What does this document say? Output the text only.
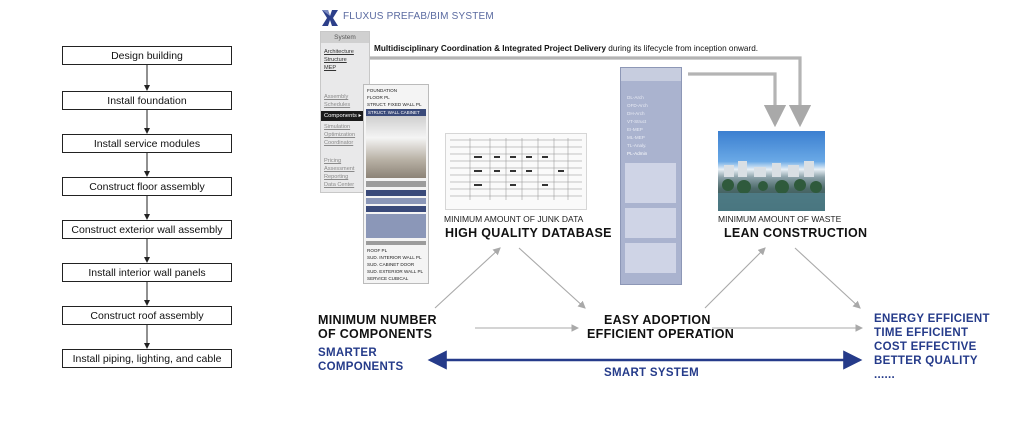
Design building
Install foundation
Install service modules
Construct floor assembly
Construct exterior wall assembly
Install interior wall panels
Construct roof assembly
Install piping, lighting, and cable
FLUXUS PREFAB/BIM SYSTEM
System
Architecture
Structure
MEP
Components ▸
Assembly
Schedules
Simulation
Optimization
Coordinator
Pricing
Assessment
Reporting
Data Center
FOUNDATION
FLOOR PL
STRUCT. FIXED WALL PL
STRUCT. WALL CABINET
ROOF PL
SUD. INTERIOR WALL PL
SUD. CABINET DOOR
SUD. EXTERIOR WALL PL
SERVICE CUBICAL
Multidisciplinary Coordination & Integrated Project Delivery during its lifecycle from inception onward.
MINIMUM AMOUNT OF JUNK DATA
HIGH QUALITY DATABASE
DL-Arch
OFD-Arch
DH-Arch
VT-Struct
EI-MEP
ML-MEP
TL-Analy.
PL-Admin
MINIMUM AMOUNT OF WASTE
LEAN CONSTRUCTION
MINIMUM NUMBER
OF COMPONENTS
EASY ADOPTION
EFFICIENT OPERATION
SMARTER
COMPONENTS	SMART SYSTEM
ENERGY EFFICIENT
TIME EFFICIENT
COST EFFECTIVE
BETTER QUALITY
......
